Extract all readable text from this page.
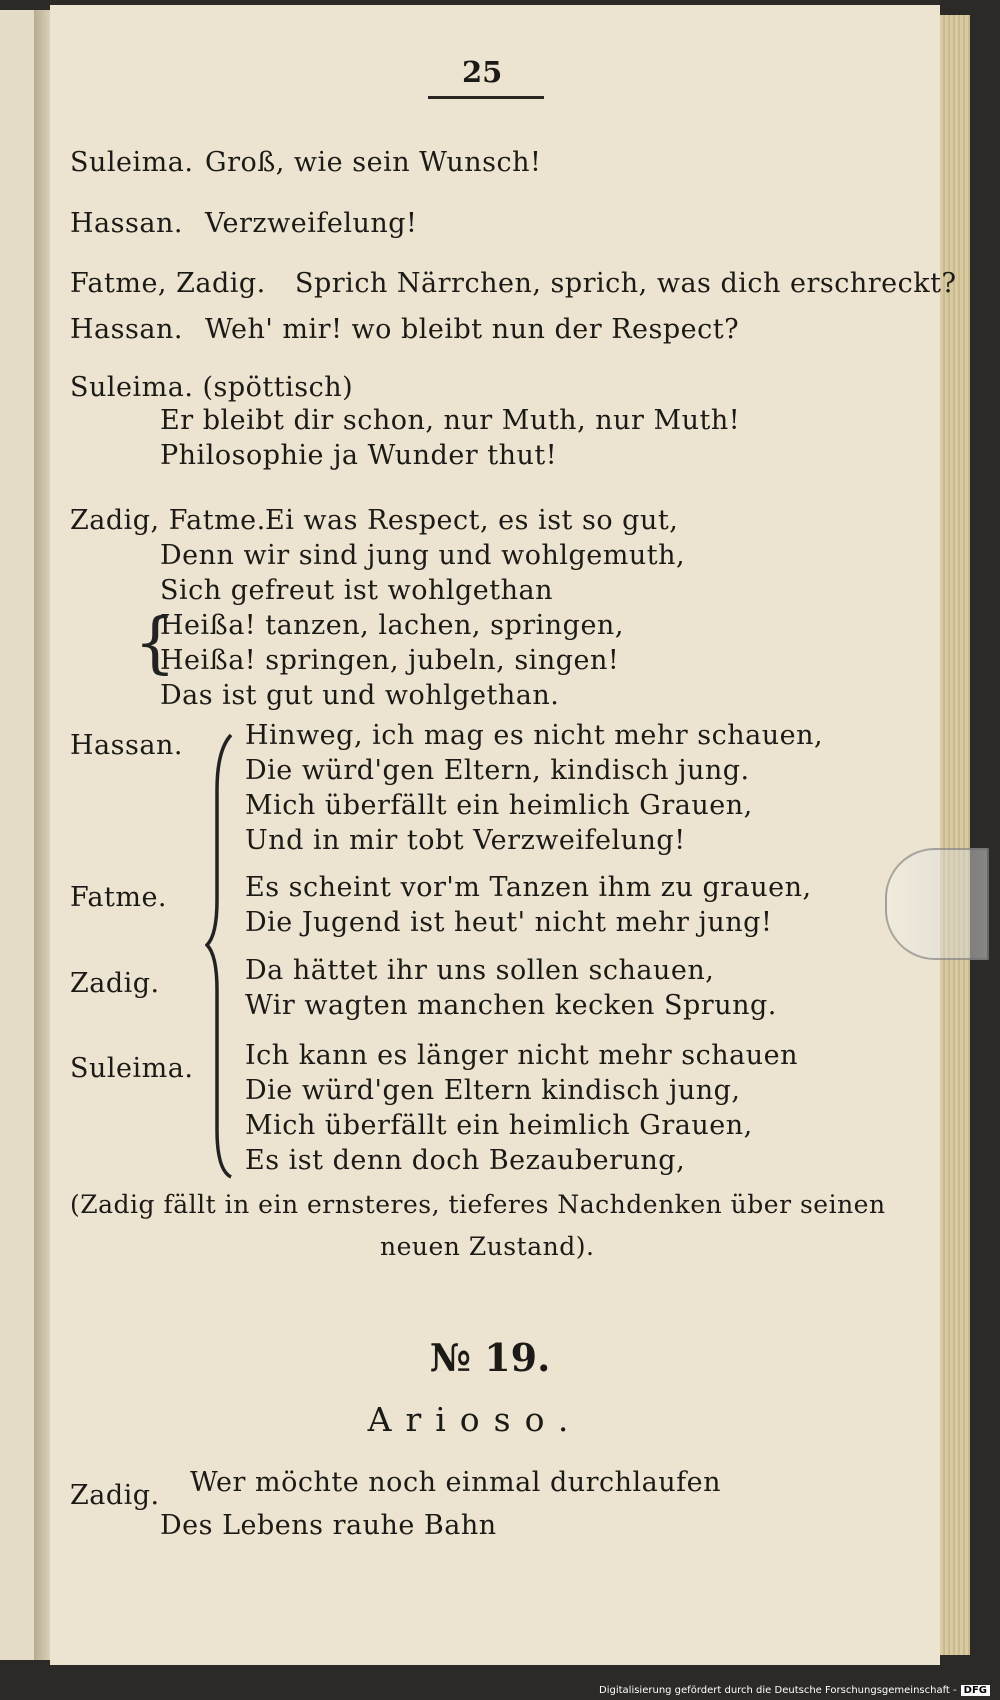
25
Suleima. Groß, wie sein Wunsch!
Hassan. Verzweifelung!
Fatme, Zadig. Sprich Närrchen, sprich, was dich erschreckt?
Hassan. Weh' mir! wo bleibt nun der Respect?
Suleima. (spöttisch)
Er bleibt dir schon, nur Muth, nur Muth!
Philosophie ja Wunder thut!
Zadig, Fatme. Ei was Respect, es ist so gut,
Denn wir sind jung und wohlgemuth,
Sich gefreut ist wohlgethan
Heißa! tanzen, lachen, springen,
Heißa! springen, jubeln, singen!
Das ist gut und wohlgethan.
{
Hassan. Hinweg, ich mag es nicht mehr schauen,
Die würd'gen Eltern, kindisch jung.
Mich überfällt ein heimlich Grauen,
Und in mir tobt Verzweifelung!
Fatme.	Es scheint vor'm Tanzen ihm zu grauen,
Die Jugend ist heut' nicht mehr jung!
Zadig.	Da hättet ihr uns sollen schauen,
Wir wagten manchen kecken Sprung.
Suleima. Ich kann es länger nicht mehr schauen
Die würd'gen Eltern kindisch jung,
Mich überfällt ein heimlich Grauen,
Es ist denn doch Bezauberung,
(Zadig fällt in ein ernsteres, tieferes Nachdenken über seinen
neuen Zustand).
№ 19.
Arioso.
Zadig. Wer möchte noch einmal durchlaufen
Des Lebens rauhe Bahn
Digitalisierung gefördert durch die Deutsche Forschungsgemeinschaft - DFG
